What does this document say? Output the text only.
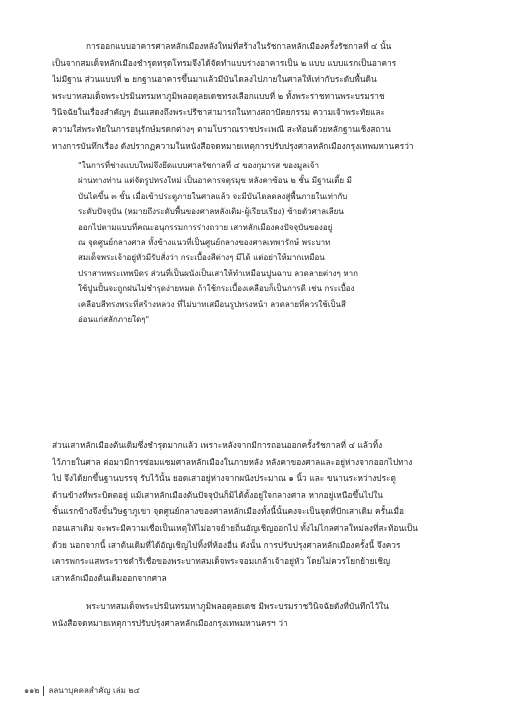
การออกแบบอาคารศาลหลักเมืองหลังใหม่ที่สร้างในรัชกาลหลักเมืองครั้งรัชกาลที่ ๔ นั้น
เป็นจากสมเด็จหลักเมืองชำรุดทรุดโทรมจึงได้จัดทำแบบร่างอาคารเป็น ๒ แบบ แบบแรกเป็นอาคาร
ไม่มีฐาน ส่วนแบบที่ ๒ ยกฐานอาคารขึ้นมาแล้วมีบันไดลงไปภายในศาลให้เท่ากับระดับพื้นดิน
พระบาทสมเด็จพระปรมินทรมหาภูมิพลอดุลยเดชทรงเลือกแบบที่ ๒ ทั้งพระราชทานพระบรมราช
วินิจฉัยในเรื่องสำคัญๆ อันแสดงถึงพระปรีชาสามารถในทางสถาปัตยกรรม ความเจ้าพระทัยและ
ความใส่พระทัยในการอนุรักษ์มรดกต่างๆ ตามโบราณราชประเพณี สะท้อนด้วยหลักฐานเชิงสถาน
ทางการบันทึกเรื่อง ดังปรากฏความในหนังสือจดหมายเหตุการปรับปรุงศาลหลักเมืองกรุงเทพมหานครว่า
"ในการที่ช่างแบบใหม่จึงยึดแบบศาลรัชกาลที่ ๔ ของกุมารส ของมูลเจ้า
ผ่านทางท่าน แต่จัดรูปทรงใหม่ เป็นอาคารจตุรมุข หลังคาซ้อน ๒ ชั้น มีฐานเตี้ย มี
บันไดขึ้น ๓ ขั้น เมื่อเข้าประตูภายในศาลแล้ว จะมีบันไดลดลงสู่พื้นภายในเท่ากับ
ระดับปัจจุบัน (หมายถึงระดับพื้นของศาลหลังเดิม-ผู้เรียบเรียง) ซ้ายตัวศาลเลียน
ออกไปตามแบบที่คณะอนุกรรมการร่างถวาย เสาหลักเมืองคงปัจจุบันของอยู่
ณ จุดศูนย์กลางศาล ทั้งข้างแนวที่เป็นศูนย์กลางของศาลเทพารักษ์ พระบาท
สมเด็จพระเจ้าอยู่หัวมีรับสั่งว่า กระเบื้องสีต่างๆ มีได้ แต่อย่าให้มากเหมือน
ปราสาทพระเทพบิดร ส่วนที่เป็นผนังเป็นเสาให้ทำเหมือนปูนฉาบ ลวดลายต่างๆ หาก
ใช้ปูนปั้นจะถูกฝนไม่ชำรุดง่ายหมด ถ้าใช้กระเบื้องเคลือบก็เป็นการดี เช่น กระเบื้อง
เคลือบสีทรงพระที่สร้างหลวง ที่ไม่บาทเสมือนรูปทรงหน้า ลวดลายที่ควรใช้เป็นสี
อ่อนแก่สลักภายใดๆ"
ส่วนเสาหลักเมืองต้นเดิมซึ่งชำรุดมากแล้ว เพราะหลังจากมีการถอนออกครั้งรัชกาลที่ ๔ แล้วทิ้ง
ไว้ภายในศาล ต่อมามีการซ่อมแซมศาลหลักเมืองในภายหลัง หลังคาของศาลและอยู่ห่างจากออกไปทาง
ไป จึงได้ยกขึ้นฐานบรรจุ รับไว้นั้น ยอดเสาอยู่ห่างจากผนังประมาณ ๑ นิ้ว และ ขนานระหว่างประตู
ด้านข้างที่พระบิดตอยู่ แม้เสาหลักเมืองต้นปัจจุบันก็มิได้ตั้งอยู่ใจกลางศาล หากอยู่เหนือขึ้นไปใน
ชั้นแรกข้างจึงขั้นวิษฐาภูเขา จุดศูนย์กลางของศาลหลักเมืองทั้งนี้นั้นคงจะเป็นจุดที่ปักเสาเดิม ครั้นเมื่อ
ถอนเสาเดิม จะพระมีความเชื่อเป็นเหตุให้ไม่อาจย้ายถิ่นอัญเชิญออกไป ทั้งไม่ไกลศาลใหม่ลงที่สะท้อนเป็น
ด้วย นอกจากนี้ เสาต้นเดิมที่ได้อัญเชิญไปทิ้งที่ห้องอื่น ดังนั้น การปรับปรุงศาลหลักเมืองครั้งนี้ จึงควร
เคารพกระแสพระราชดำริเชื่อของพระบาทสมเด็จพระจอมเกล้าเจ้าอยู่หัว โดยไม่ควรโยกย้ายเชิญ
เสาหลักเมืองต้นเดิมออกจากศาล
พระบาทสมเด็จพระปรมินทรมหาภูมิพลอดุลยเดช มีพระบรมราชวินิจฉัยดังที่บันทึกไว้ใน
หนังสือจดหมายเหตุการปรับปรุงศาลหลักเมืองกรุงเทพมหานครฯ ว่า
๑๑๒ ลลนาบุคคลสำคัญ เล่ม ๒๔
